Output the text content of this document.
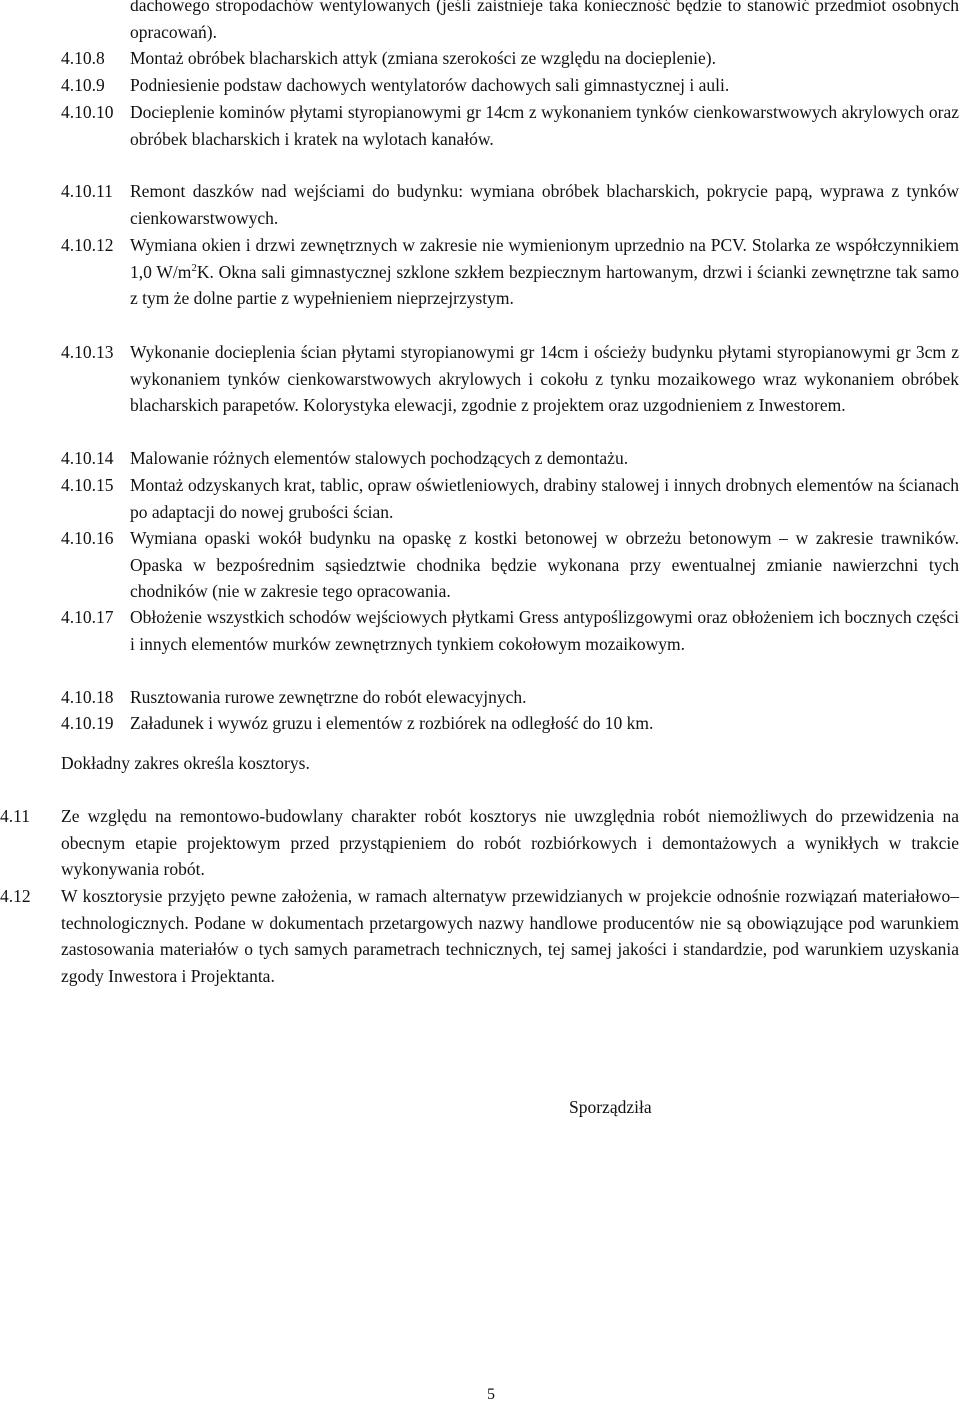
dachowego stropodachów wentylowanych (jeśli zaistnieje taka konieczność będzie to stanowić przedmiot osobnych opracowań).
4.10.8 Montaż obróbek blacharskich attyk (zmiana szerokości ze względu na docieplenie).
4.10.9 Podniesienie podstaw dachowych wentylatorów dachowych sali gimnastycznej i auli.
4.10.10 Docieplenie kominów płytami styropianowymi gr 14cm z wykonaniem tynków cienkowarstwowych akrylowych oraz obróbek blacharskich i kratek na wylotach kanałów.
4.10.11 Remont daszków nad wejściami do budynku: wymiana obróbek blacharskich, pokrycie papą, wyprawa z tynków cienkowarstwowych.
4.10.12 Wymiana okien i drzwi zewnętrznych w zakresie nie wymienionym uprzednio na PCV. Stolarka ze współczynnikiem 1,0 $W/m^2K$. Okna sali gimnastycznej szklone szkłem bezpiecznym hartowanym, drzwi i ścianki zewnętrzne tak samo z tym że dolne partie z wypełnieniem nieprzejrzystym.
4.10.13 Wykonanie docieplenia ścian płytami styropianowymi gr 14cm i ościeży budynku płytami styropianowymi gr 3cm z wykonaniem tynków cienkowarstwowych akrylowych i cokołu z tynku mozaikowego wraz wykonaniem obróbek blacharskich parapetów. Kolorystyka elewacji, zgodnie z projektem oraz uzgodnieniem z Inwestorem.
4.10.14 Malowanie różnych elementów stalowych pochodzących z demontażu.
4.10.15 Montaż odzyskanych krat, tablic, opraw oświetleniowych, drabiny stalowej i innych drobnych elementów na ścianach po adaptacji do nowej grubości ścian.
4.10.16 Wymiana opaski wokół budynku na opaskę z kostki betonowej w obrzeżu betonowym – w zakresie trawników. Opaska w bezpośrednim sąsiedztwie chodnika będzie wykonana przy ewentualnej zmianie nawierzchni tych chodników (nie w zakresie tego opracowania.
4.10.17 Obłożenie wszystkich schodów wejściowych płytkami Gress antypoślizgowymi oraz obłożeniem ich bocznych części i innych elementów murków zewnętrznych tynkiem cokołowym mozaikowym.
4.10.18 Rusztowania rurowe zewnętrzne do robót elewacyjnych.
4.10.19 Załadunek i wywóz gruzu i elementów z rozbiórek na odległość do 10 km.
Dokładny zakres określa kosztorys.
4.11 Ze względu na remontowo-budowlany charakter robót kosztorys nie uwzględnia robót niemożliwych do przewidzenia na obecnym etapie projektowym przed przystąpieniem do robót rozbiórkowych i demontażowych a wynikłych w trakcie wykonywania robót.
4.12 W kosztorysie przyjęto pewne założenia, w ramach alternatyw przewidzianych w projekcie odnośnie rozwiązań materiałowo–technologicznych. Podane w dokumentach przetargowych nazwy handlowe producentów nie są obowiązujące pod warunkiem zastosowania materiałów o tych samych parametrach technicznych, tej samej jakości i standardzie, pod warunkiem uzyskania zgody Inwestora i Projektanta.
Sporządziła
5
